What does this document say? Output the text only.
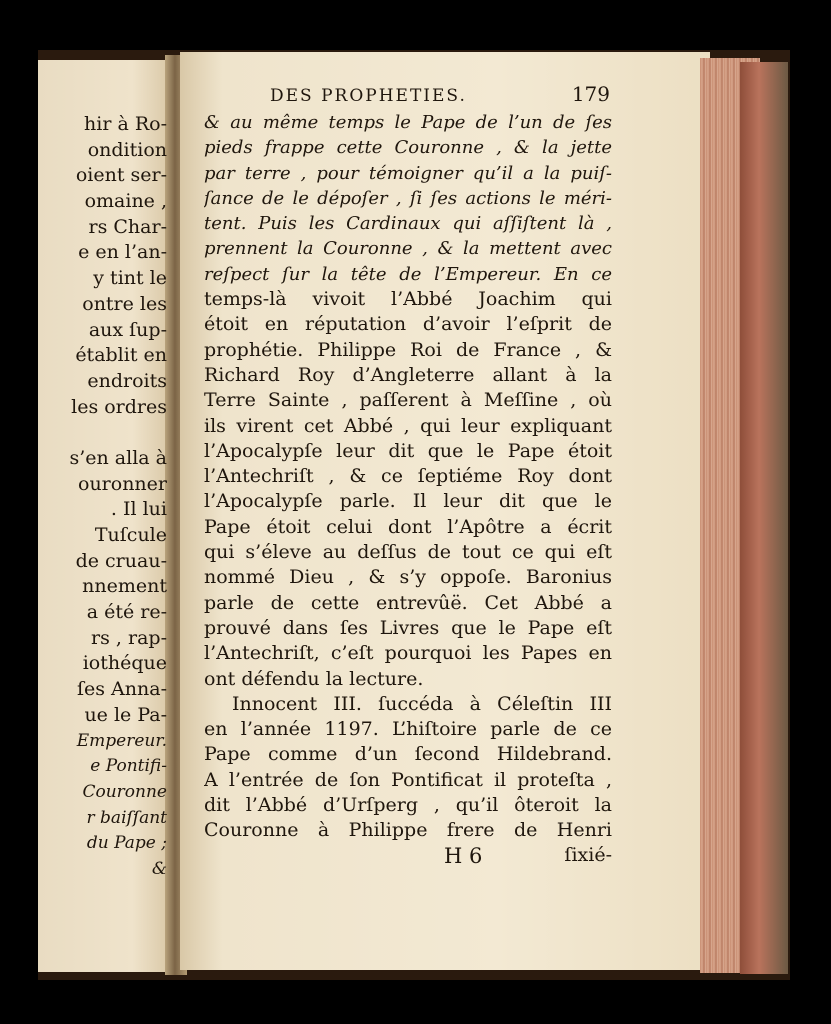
hir à Ro-
ondition
oient ser-
omaine ,
rs Char-
e en l’an-
y tint le
ontre les
aux ſup-
établit en
endroits
les ordres
s’en alla à
ouronner
. Il lui
Tuſcule
de cruau-
nnement
a été re-
rs , rap-
iothéque
ſes Anna-
ue le Pa-
Empereur.
e Pontifi-
Couronne
r baiſſant
du Pape ;
&
DES PROPHETIES.	179
& au même temps le Pape de l’un de ſes
pieds frappe cette Couronne , & la jette
par terre , pour témoigner qu’il a la puiſ-
ſance de le dépoſer , ſi ſes actions le méri-
tent. Puis les Cardinaux qui aſſiſtent là ,
prennent la Couronne , & la mettent avec
reſpect ſur la tête de l’Empereur. En ce
temps-là vivoit l’Abbé Joachim qui
étoit en réputation d’avoir l’eſprit de
prophétie. Philippe Roi de France , &
Richard Roy d’Angleterre allant à la
Terre Sainte , paſſerent à Meſſine , où
ils virent cet Abbé , qui leur expliquant
l’Apocalypſe leur dit que le Pape étoit
l’Antechriſt , & ce ſeptiéme Roy dont
l’Apocalypſe parle. Il leur dit que le
Pape étoit celui dont l’Apôtre a écrit
qui s’éleve au deſſus de tout ce qui eſt
nommé Dieu , & s’y oppoſe. Baronius
parle de cette entrevûë. Cet Abbé a
prouvé dans ſes Livres que le Pape eſt
l’Antechriſt, c’eſt pourquoi les Papes en
ont défendu la lecture.
Innocent III. ſuccéda à Céleſtin III
en l’année 1197. L’hiſtoire parle de ce
Pape comme d’un ſecond Hildebrand.
A l’entrée de ſon Pontificat il proteſta ,
dit l’Abbé d’Urſperg , qu’il ôteroit la
Couronne à Philippe frere de Henri
H 6	ſixié-
